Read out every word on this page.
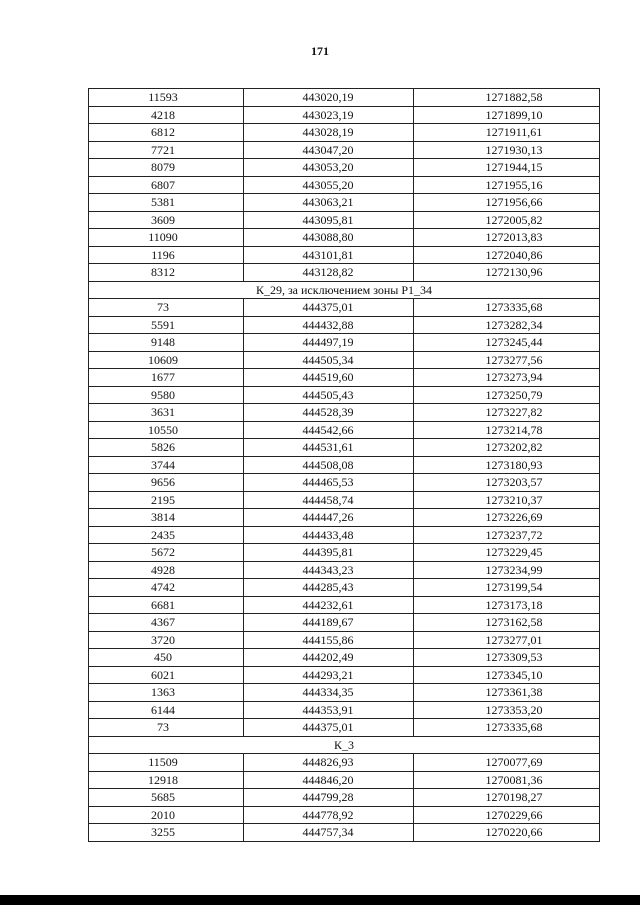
171
11593	443020,19	1271882,58
4218	443023,19	1271899,10
6812	443028,19	1271911,61
7721	443047,20	1271930,13
8079	443053,20	1271944,15
6807	443055,20	1271955,16
5381	443063,21	1271956,66
3609	443095,81	1272005,82
11090	443088,80	1272013,83
1196	443101,81	1272040,86
8312	443128,82	1272130,96
К_29, за исключением зоны Р1_34
73	444375,01	1273335,68
5591	444432,88	1273282,34
9148	444497,19	1273245,44
10609	444505,34	1273277,56
1677	444519,60	1273273,94
9580	444505,43	1273250,79
3631	444528,39	1273227,82
10550	444542,66	1273214,78
5826	444531,61	1273202,82
3744	444508,08	1273180,93
9656	444465,53	1273203,57
2195	444458,74	1273210,37
3814	444447,26	1273226,69
2435	444433,48	1273237,72
5672	444395,81	1273229,45
4928	444343,23	1273234,99
4742	444285,43	1273199,54
6681	444232,61	1273173,18
4367	444189,67	1273162,58
3720	444155,86	1273277,01
450	444202,49	1273309,53
6021	444293,21	1273345,10
1363	444334,35	1273361,38
6144	444353,91	1273353,20
73	444375,01	1273335,68
К_3
11509	444826,93	1270077,69
12918	444846,20	1270081,36
5685	444799,28	1270198,27
2010	444778,92	1270229,66
3255	444757,34	1270220,66
